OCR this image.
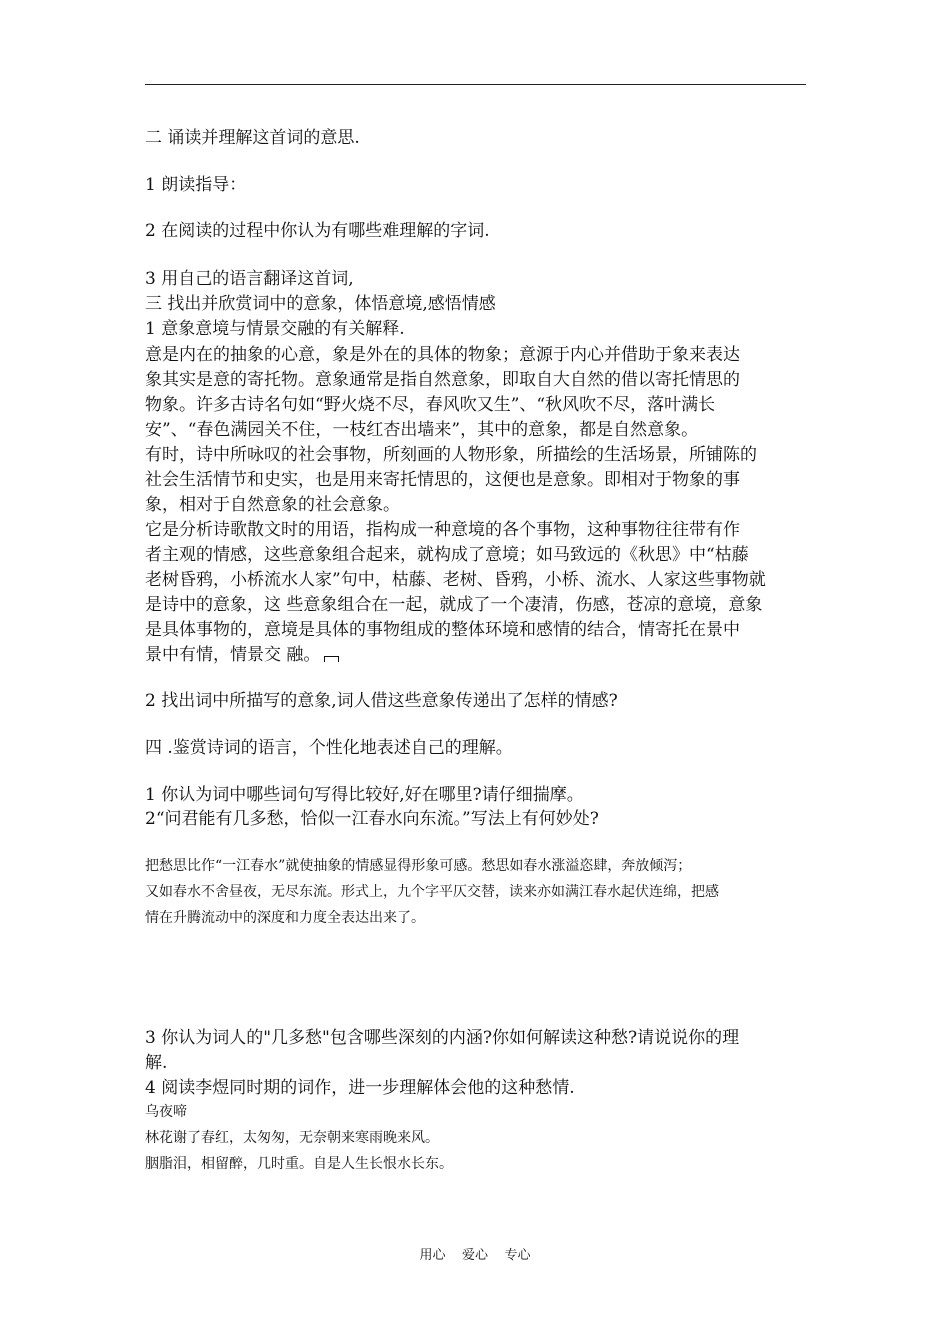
二 诵读并理解这首词的意思.
1 朗读指导：
2 在阅读的过程中你认为有哪些难理解的字词.
3 用自己的语言翻译这首词,
三 找出并欣赏词中的意象，体悟意境,感悟情感
1 意象意境与情景交融的有关解释.
意是内在的抽象的心意，象是外在的具体的物象；意源于内心并借助于象来表达
象其实是意的寄托物。意象通常是指自然意象，即取自大自然的借以寄托情思的
物象。许多古诗名句如“野火烧不尽，春风吹又生”、“秋风吹不尽，落叶满长
安”、“春色满园关不住，一枝红杏出墙来”，其中的意象，都是自然意象。
有时，诗中所咏叹的社会事物，所刻画的人物形象，所描绘的生活场景，所铺陈的
社会生活情节和史实，也是用来寄托情思的，这便也是意象。即相对于物象的事
象，相对于自然意象的社会意象。
它是分析诗歌散文时的用语，指构成一种意境的各个事物，这种事物往往带有作
者主观的情感，这些意象组合起来，就构成了意境；如马致远的《秋思》中“枯藤
老树昏鸦，小桥流水人家”句中，枯藤、老树、昏鸦，小桥、流水、人家这些事物就
是诗中的意象，这 些意象组合在一起，就成了一个凄清，伤感，苍凉的意境，意象
是具体事物的，意境是具体的事物组成的整体环境和感情的结合，情寄托在景中
景中有情，情景交 融。
2 找出词中所描写的意象,词人借这些意象传递出了怎样的情感?
四 .鉴赏诗词的语言，个性化地表述自己的理解。
1 你认为词中哪些词句写得比较好,好在哪里?请仔细揣摩。
2“问君能有几多愁，恰似一江春水向东流。”写法上有何妙处?
把愁思比作“一江春水”就使抽象的情感显得形象可感。愁思如春水涨溢恣肆，奔放倾泻；
又如春水不舍昼夜，无尽东流。形式上，九个字平仄交替，读来亦如满江春水起伏连绵，把感
情在升腾流动中的深度和力度全表达出来了。
3 你认为词人的"几多愁"包含哪些深刻的内涵?你如何解读这种愁?请说说你的理
解.
4 阅读李煜同时期的词作，进一步理解体会他的这种愁情.
乌夜啼
林花谢了春红，太匆匆，无奈朝来寒雨晚来风。
胭脂泪，相留醉，几时重。自是人生长恨水长东。
用心    爱心    专心
